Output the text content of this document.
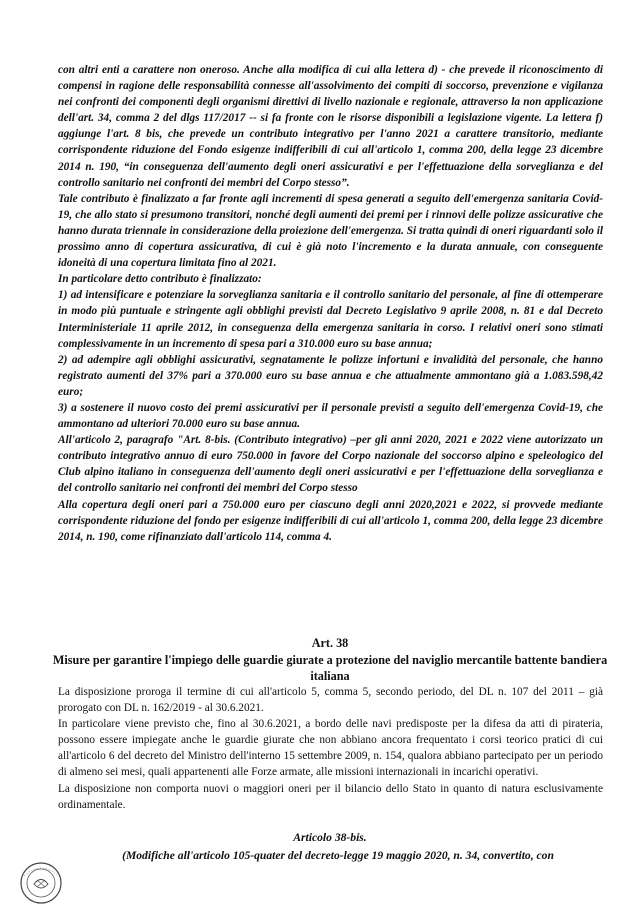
con altri enti a carattere non oneroso. Anche alla modifica di cui alla lettera d) - che prevede il riconoscimento di compensi in ragione delle responsabilità connesse all'assolvimento dei compiti di soccorso, prevenzione e vigilanza nei confronti dei componenti degli organismi direttivi di livello nazionale e regionale, attraverso la non applicazione dell'art. 34, comma 2 del dlgs 117/2017 -- si fa fronte con le risorse disponibili a legislazione vigente. La lettera f) aggiunge l'art. 8 bis, che prevede un contributo integrativo per l'anno 2021 a carattere transitorio, mediante corrispondente riduzione del Fondo esigenze indifferibili di cui all'articolo 1, comma 200, della legge 23 dicembre 2014 n. 190, “in conseguenza dell'aumento degli oneri assicurativi e per l'effettuazione della sorveglianza e del controllo sanitario nei confronti dei membri del Corpo stesso”.

Tale contributo è finalizzato a far fronte agli incrementi di spesa generati a seguito dell'emergenza sanitaria Covid-19, che allo stato si presumono transitori, nonché degli aumenti dei premi per i rinnovi delle polizze assicurative che hanno durata triennale in considerazione della proiezione dell'emergenza. Si tratta quindi di oneri riguardanti solo il prossimo anno di copertura assicurativa, di cui è già noto l'incremento e la durata annuale, con conseguente idoneità di una copertura limitata fino al 2021.

In particolare detto contributo è finalizzato:

1) ad intensificare e potenziare la sorveglianza sanitaria e il controllo sanitario del personale, al fine di ottemperare in modo più puntuale e stringente agli obblighi previsti dal Decreto Legislativo 9 aprile 2008, n. 81 e dal Decreto Interministeriale 11 aprile 2012, in conseguenza della emergenza sanitaria in corso. I relativi oneri sono stimati complessivamente in un incremento di spesa pari a 310.000 euro su base annua;

2) ad adempire agli obblighi assicurativi, segnatamente le polizze infortuni e invalidità del personale, che hanno registrato aumenti del 37% pari a 370.000 euro su base annua e che attualmente ammontano già a 1.083.598,42 euro;

3) a sostenere il nuovo costo dei premi assicurativi per il personale previsti a seguito dell'emergenza Covid-19, che ammontano ad ulteriori 70.000 euro su base annua.

All'articolo 2, paragrafo "Art. 8-bis. (Contributo integrativo) –per gli anni 2020, 2021 e 2022 viene autorizzato un contributo integrativo annuo di euro 750.000 in favore del Corpo nazionale del soccorso alpino e speleologico del Club alpino italiano in conseguenza dell'aumento degli oneri assicurativi e per l'effettuazione della sorveglianza e del controllo sanitario nei confronti dei membri del Corpo stesso

Alla copertura degli oneri pari a 750.000 euro per ciascuno degli anni 2020,2021 e 2022, si provvede mediante corrispondente riduzione del fondo per esigenze indifferibili di cui all'articolo 1, comma 200, della legge 23 dicembre 2014, n. 190, come rifinanziato dall'articolo 114, comma 4.

Art. 38
Misure per garantire l'impiego delle guardie giurate a protezione del naviglio mercantile battente bandiera italiana

La disposizione proroga il termine di cui all'articolo 5, comma 5, secondo periodo, del DL n. 107 del 2011 – già prorogato con DL n. 162/2019 - al 30.6.2021.

In particolare viene previsto che, fino al 30.6.2021, a bordo delle navi predisposte per la difesa da atti di pirateria, possono essere impiegate anche le guardie giurate che non abbiano ancora frequentato i corsi teorico pratici di cui all'articolo 6 del decreto del Ministro dell'interno 15 settembre 2009, n. 154, qualora abbiano partecipato per un periodo di almeno sei mesi, quali appartenenti alle Forze armate, alle missioni internazionali in incarichi operativi.

La disposizione non comporta nuovi o maggiori oneri per il bilancio dello Stato in quanto di natura esclusivamente ordinamentale.

Articolo 38-bis.
(Modifiche all'articolo 105-quater del decreto-legge 19 maggio 2020, n. 34, convertito, con
